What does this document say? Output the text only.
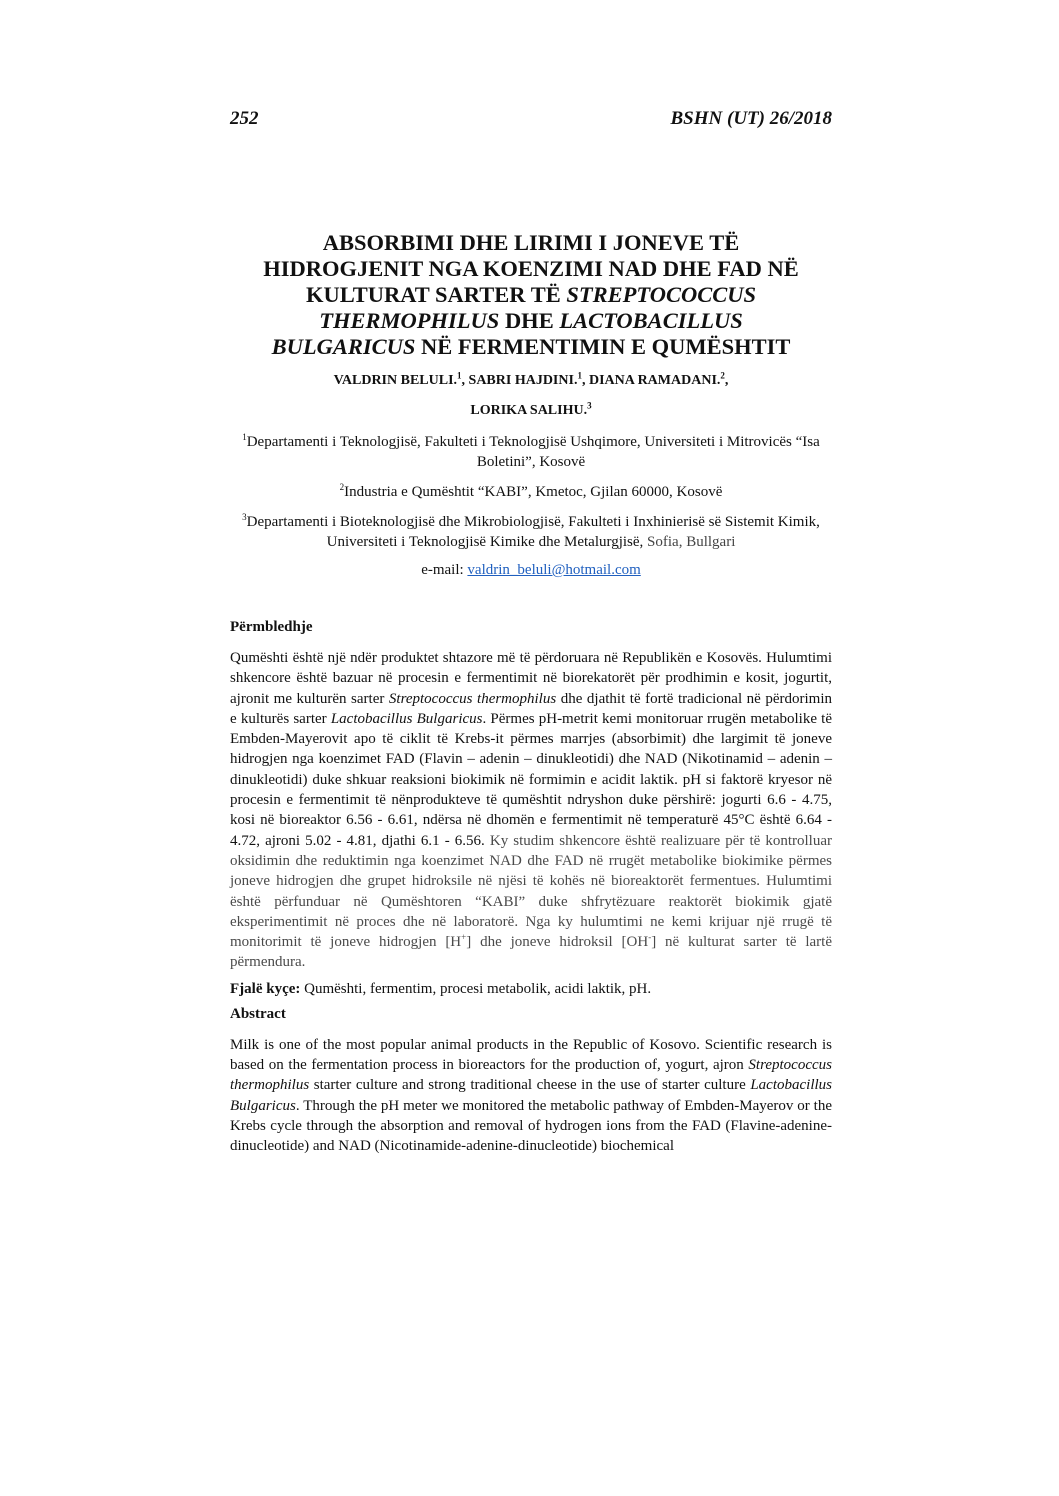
252	BSHN (UT) 26/2018
ABSORBIMI DHE LIRIMI I JONEVE TË
HIDROGJENIT NGA KOENZIMI NAD DHE FAD NË
KULTURAT SARTER TË STREPTOCOCCUS
THERMOPHILUS DHE LACTOBACILLUS
BULGARICUS NË FERMENTIMIN E QUMËSHTIT
VALDRIN BELULI.$^1$, SABRI HAJDINI.$^1$, DIANA RAMADANI.$^2$,
LORIKA SALIHU.$^3$
$^1$Departamenti i Teknologjisë, Fakulteti i Teknologjisë Ushqimore, Universiteti i Mitrovicës “Isa Boletini”, Kosovë
$^2$Industria e Qumështit “KABI”, Kmetoc, Gjilan 60000, Kosovë
$^3$Departamenti i Bioteknologjisë dhe Mikrobiologjisë, Fakulteti i Inxhinierisë së Sistemit Kimik, Universiteti i Teknologjisë Kimike dhe Metalurgjisë, Sofia, Bullgari
e-mail: valdrin_beluli@hotmail.com
Përmbledhje
Qumështi është një ndër produktet shtazore më të përdoruara në Republikën e Kosovës. Hulumtimi shkencore është bazuar në procesin e fermentimit në biorekatorët për prodhimin e kosit, jogurtit, ajronit me kulturën sarter Streptococcus thermophilus dhe djathit të fortë tradicional në përdorimin e kulturës sarter Lactobacillus Bulgaricus. Përmes pH-metrit kemi monitoruar rrugën metabolike të Embden-Mayerovit apo të ciklit të Krebs-it përmes marrjes (absorbimit) dhe largimit të joneve hidrogjen nga koenzimet FAD (Flavin – adenin – dinukleotidi) dhe NAD (Nikotinamid – adenin – dinukleotidi) duke shkuar reaksioni biokimik në formimin e acidit laktik. pH si faktorë kryesor në procesin e fermentimit të nënprodukteve të qumështit ndryshon duke përshirë: jogurti 6.6 - 4.75, kosi në bioreaktor 6.56 - 6.61, ndërsa në dhomën e fermentimit në temperaturë 45°C është 6.64 - 4.72, ajroni 5.02 - 4.81, djathi 6.1 - 6.56. Ky studim shkencore është realizuare për të kontrolluar oksidimin dhe reduktimin nga koenzimet NAD dhe FAD në rrugët metabolike biokimike përmes joneve hidrogjen dhe grupet hidroksile në njësi të kohës në bioreaktorët fermentues. Hulumtimi është përfunduar në Qumështoren “KABI” duke shfrytëzuare reaktorët biokimik gjatë eksperimentimit në proces dhe në laboratorë. Nga ky hulumtimi ne kemi krijuar një rrugë të monitorimit të joneve hidrogjen [H+] dhe joneve hidroksil [OH-] në kulturat sarter të lartë përmendura.
Fjalë kyçe: Qumështi, fermentim, procesi metabolik, acidi laktik, pH.
Abstract
Milk is one of the most popular animal products in the Republic of Kosovo. Scientific research is based on the fermentation process in bioreactors for the production of, yogurt, ajron Streptococcus thermophilus starter culture and strong traditional cheese in the use of starter culture Lactobacillus Bulgaricus. Through the pH meter we monitored the metabolic pathway of Embden-Mayerov or the Krebs cycle through the absorption and removal of hydrogen ions from the FAD (Flavine-adenine-dinucleotide) and NAD (Nicotinamide-adenine-dinucleotide) biochemical
